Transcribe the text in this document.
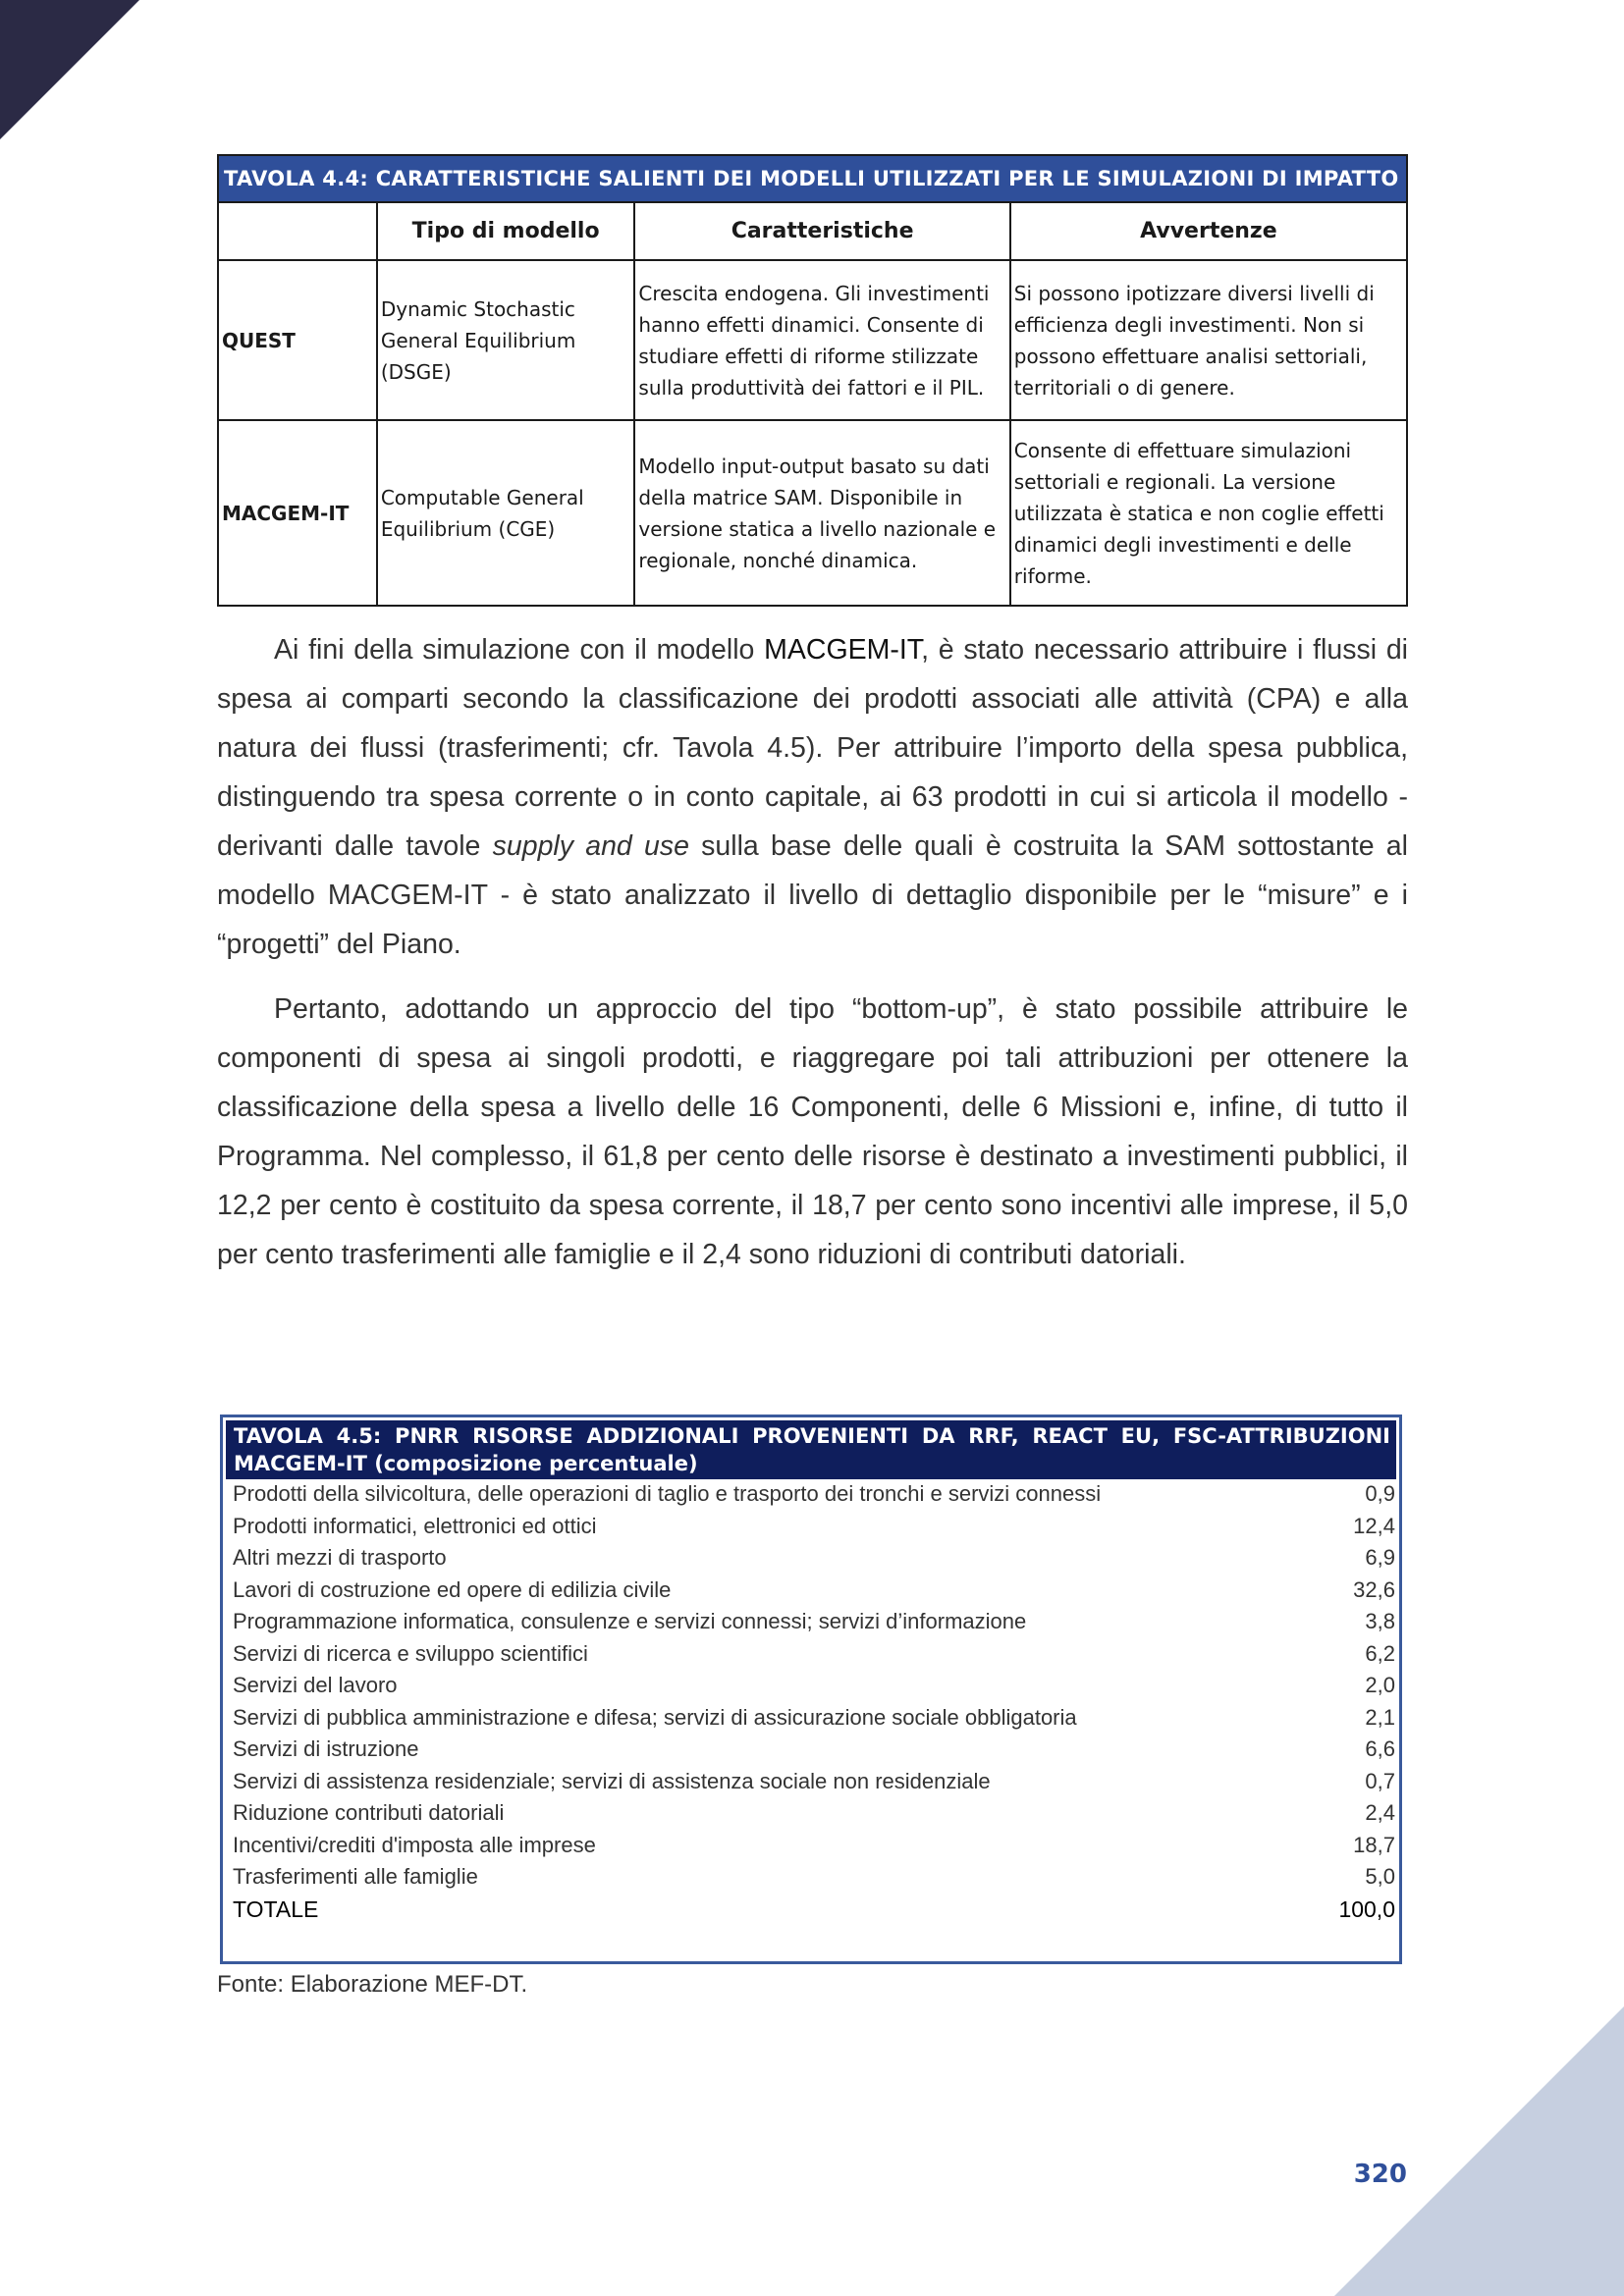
TAVOLA 4.4: CARATTERISTICHE SALIENTI DEI MODELLI UTILIZZATI PER LE SIMULAZIONI DI IMPATTO			
	Tipo di modello	Caratteristiche	Avvertenze
QUEST	Dynamic Stochastic General Equilibrium (DSGE)	Crescita endogena. Gli investimenti hanno effetti dinamici. Consente di studiare effetti di riforme stilizzate sulla produttività dei fattori e il PIL.	Si possono ipotizzare diversi livelli di efficienza degli investimenti. Non si possono effettuare analisi settoriali, territoriali o di genere.
MACGEM-IT	Computable General Equilibrium (CGE)	Modello input-output basato su dati della matrice SAM. Disponibile in versione statica a livello nazionale e regionale, nonché dinamica.	Consente di effettuare simulazioni settoriali e regionali. La versione utilizzata è statica e non coglie effetti dinamici degli investimenti e delle riforme.

Ai fini della simulazione con il modello MACGEM-IT, è stato necessario attribuire i flussi di spesa ai comparti secondo la classificazione dei prodotti associati alle attività (CPA) e alla natura dei flussi (trasferimenti; cfr. Tavola 4.5). Per attribuire l’importo della spesa pubblica, distinguendo tra spesa corrente o in conto capitale, ai 63 prodotti in cui si articola il modello - derivanti dalle tavole supply and use sulla base delle quali è costruita la SAM sottostante al modello MACGEM-IT - è stato analizzato il livello di dettaglio disponibile per le “misure” e i “progetti” del Piano.

Pertanto, adottando un approccio del tipo “bottom-up”, è stato possibile attribuire le componenti di spesa ai singoli prodotti, e riaggregare poi tali attribuzioni per ottenere la classificazione della spesa a livello delle 16 Componenti, delle 6 Missioni e, infine, di tutto il Programma. Nel complesso, il 61,8 per cento delle risorse è destinato a investimenti pubblici, il 12,2 per cento è costituito da spesa corrente, il 18,7 per cento sono incentivi alle imprese, il 5,0 per cento trasferimenti alle famiglie e il 2,4 sono riduzioni di contributi datoriali.

TAVOLA 4.5: PNRR RISORSE ADDIZIONALI PROVENIENTI DA RRF, REACT EU, FSC-ATTRIBUZIONI MACGEM-IT (composizione percentuale)
Prodotti della silvicoltura, delle operazioni di taglio e trasporto dei tronchi e servizi connessi	0,9
Prodotti informatici, elettronici ed ottici	12,4
Altri mezzi di trasporto	6,9
Lavori di costruzione ed opere di edilizia civile	32,6
Programmazione informatica, consulenze e servizi connessi; servizi d’informazione	3,8
Servizi di ricerca e sviluppo scientifici	6,2
Servizi del lavoro	2,0
Servizi di pubblica amministrazione e difesa; servizi di assicurazione sociale obbligatoria	2,1
Servizi di istruzione	6,6
Servizi di assistenza residenziale; servizi di assistenza sociale non residenziale	0,7
Riduzione contributi datoriali	2,4
Incentivi/crediti d'imposta alle imprese	18,7
Trasferimenti alle famiglie	5,0
TOTALE	100,0
Fonte: Elaborazione MEF-DT.
320
